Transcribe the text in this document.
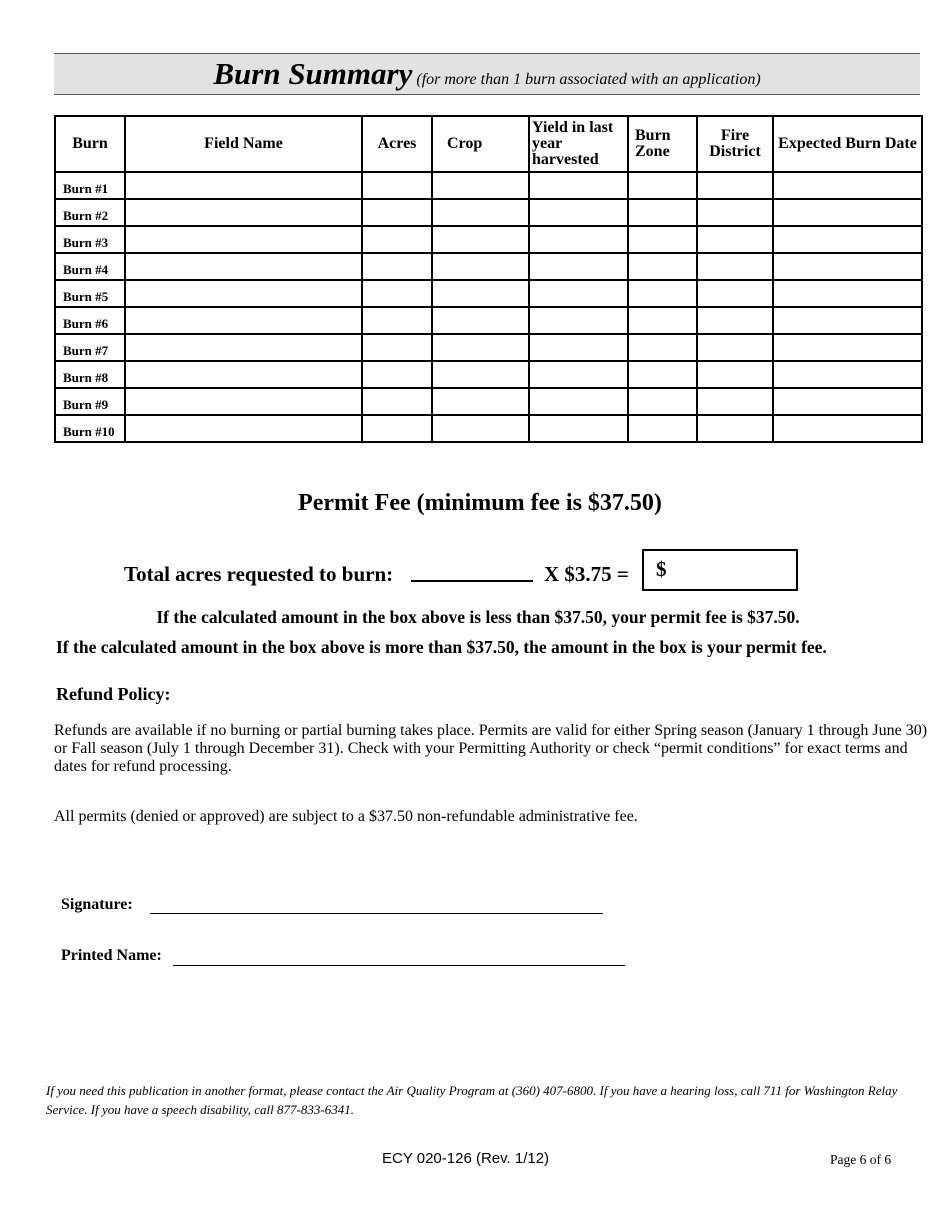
Burn Summary (for more than 1 burn associated with an application)
Burn	Field Name	Acres	Crop	Yield in last year harvested	Burn Zone	Fire District	Expected Burn Date
Burn #1							
Burn #2							
Burn #3							
Burn #4							
Burn #5							
Burn #6							
Burn #7							
Burn #8							
Burn #9							
Burn #10							
Permit Fee (minimum fee is $37.50)
Total acres requested to burn:	X $3.75 = $
If the calculated amount in the box above is less than $37.50, your permit fee is $37.50.
If the calculated amount in the box above is more than $37.50, the amount in the box is your permit fee.
Refund Policy:
Refunds are available if no burning or partial burning takes place. Permits are valid for either Spring season (January 1 through June 30) or Fall season (July 1 through December 31). Check with your Permitting Authority or check “permit conditions” for exact terms and dates for refund processing.
All permits (denied or approved) are subject to a $37.50 non-refundable administrative fee.
Signature:
Printed Name:
If you need this publication in another format, please contact the Air Quality Program at (360) 407-6800. If you have a hearing loss, call 711 for Washington Relay Service. If you have a speech disability, call 877-833-6341.
ECY 020-126 (Rev. 1/12)	Page 6 of 6
